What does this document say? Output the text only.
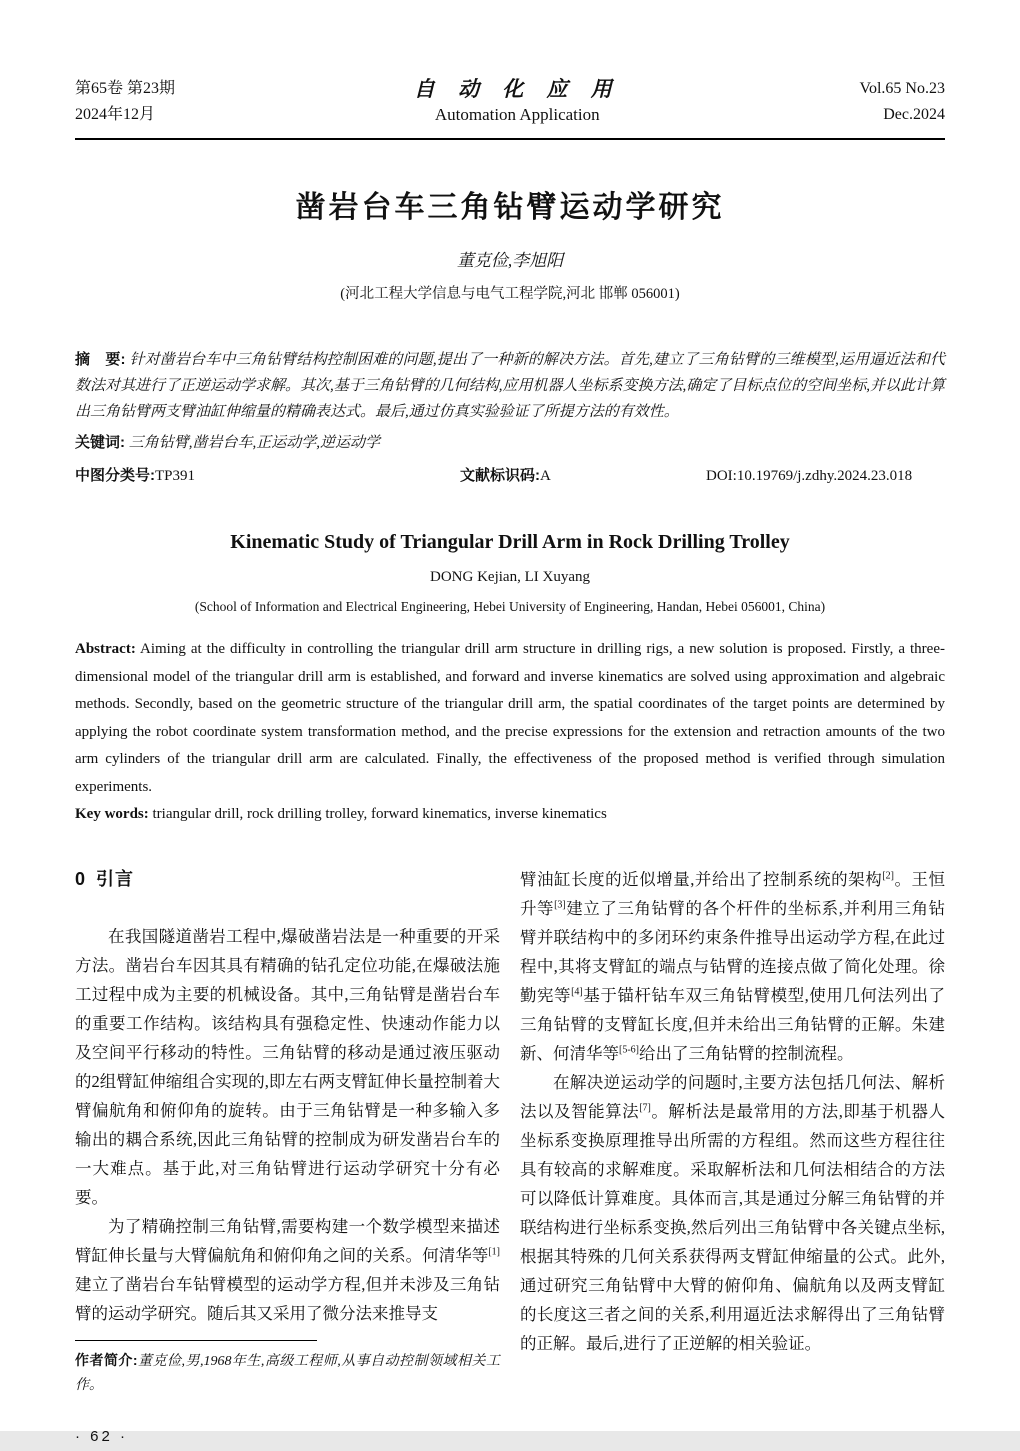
第65卷 第23期
2024年12月
自 动 化 应 用
Automation Application
Vol.65 No.23
Dec.2024
凿岩台车三角钻臂运动学研究
董克俭,李旭阳
(河北工程大学信息与电气工程学院,河北 邯郸 056001)
摘 要: 针对凿岩台车中三角钻臂结构控制困难的问题,提出了一种新的解决方法。首先,建立了三角钻臂的三维模型,运用逼近法和代数法对其进行了正逆运动学求解。其次,基于三角钻臂的几何结构,应用机器人坐标系变换方法,确定了目标点位的空间坐标,并以此计算出三角钻臂两支臂油缸伸缩量的精确表达式。最后,通过仿真实验验证了所提方法的有效性。
关键词: 三角钻臂,凿岩台车,正运动学,逆运动学
中图分类号:TP391	文献标识码:A	DOI:10.19769/j.zdhy.2024.23.018
Kinematic Study of Triangular Drill Arm in Rock Drilling Trolley
DONG Kejian, LI Xuyang
(School of Information and Electrical Engineering, Hebei University of Engineering, Handan, Hebei 056001, China)
Abstract: Aiming at the difficulty in controlling the triangular drill arm structure in drilling rigs, a new solution is proposed. Firstly, a three-dimensional model of the triangular drill arm is established, and forward and inverse kinematics are solved using approximation and algebraic methods. Secondly, based on the geometric structure of the triangular drill arm, the spatial coordinates of the target points are determined by applying the robot coordinate system transformation method, and the precise expressions for the extension and retraction amounts of the two arm cylinders of the triangular drill arm are calculated. Finally, the effectiveness of the proposed method is verified through simulation experiments.
Key words: triangular drill, rock drilling trolley, forward kinematics, inverse kinematics
0 引言

在我国隧道凿岩工程中,爆破凿岩法是一种重要的开采方法。凿岩台车因其具有精确的钻孔定位功能,在爆破法施工过程中成为主要的机械设备。其中,三角钻臂是凿岩台车的重要工作结构。该结构具有强稳定性、快速动作能力以及空间平行移动的特性。三角钻臂的移动是通过液压驱动的2组臂缸伸缩组合实现的,即左右两支臂缸伸长量控制着大臂偏航角和俯仰角的旋转。由于三角钻臂是一种多输入多输出的耦合系统,因此三角钻臂的控制成为研发凿岩台车的一大难点。基于此,对三角钻臂进行运动学研究十分有必要。

为了精确控制三角钻臂,需要构建一个数学模型来描述臂缸伸长量与大臂偏航角和俯仰角之间的关系。何清华等[1]建立了凿岩台车钻臂模型的运动学方程,但并未涉及三角钻臂的运动学研究。随后其又采用了微分法来推导支

作者简介:董克俭,男,1968年生,高级工程师,从事自动控制领域相关工作。

· 62 ·

臂油缸长度的近似增量,并给出了控制系统的架构[2]。王恒升等[3]建立了三角钻臂的各个杆件的坐标系,并利用三角钻臂并联结构中的多闭环约束条件推导出运动学方程,在此过程中,其将支臂缸的端点与钻臂的连接点做了简化处理。徐勤宪等[4]基于锚杆钻车双三角钻臂模型,使用几何法列出了三角钻臂的支臂缸长度,但并未给出三角钻臂的正解。朱建新、何清华等[5-6]给出了三角钻臂的控制流程。

在解决逆运动学的问题时,主要方法包括几何法、解析法以及智能算法[7]。解析法是最常用的方法,即基于机器人坐标系变换原理推导出所需的方程组。然而这些方程往往具有较高的求解难度。采取解析法和几何法相结合的方法可以降低计算难度。具体而言,其是通过分解三角钻臂的并联结构进行坐标系变换,然后列出三角钻臂中各关键点坐标,根据其特殊的几何关系获得两支臂缸伸缩量的公式。此外,通过研究三角钻臂中大臂的俯仰角、偏航角以及两支臂缸的长度这三者之间的关系,利用逼近法求解得出了三角钻臂的正解。最后,进行了正逆解的相关验证。
